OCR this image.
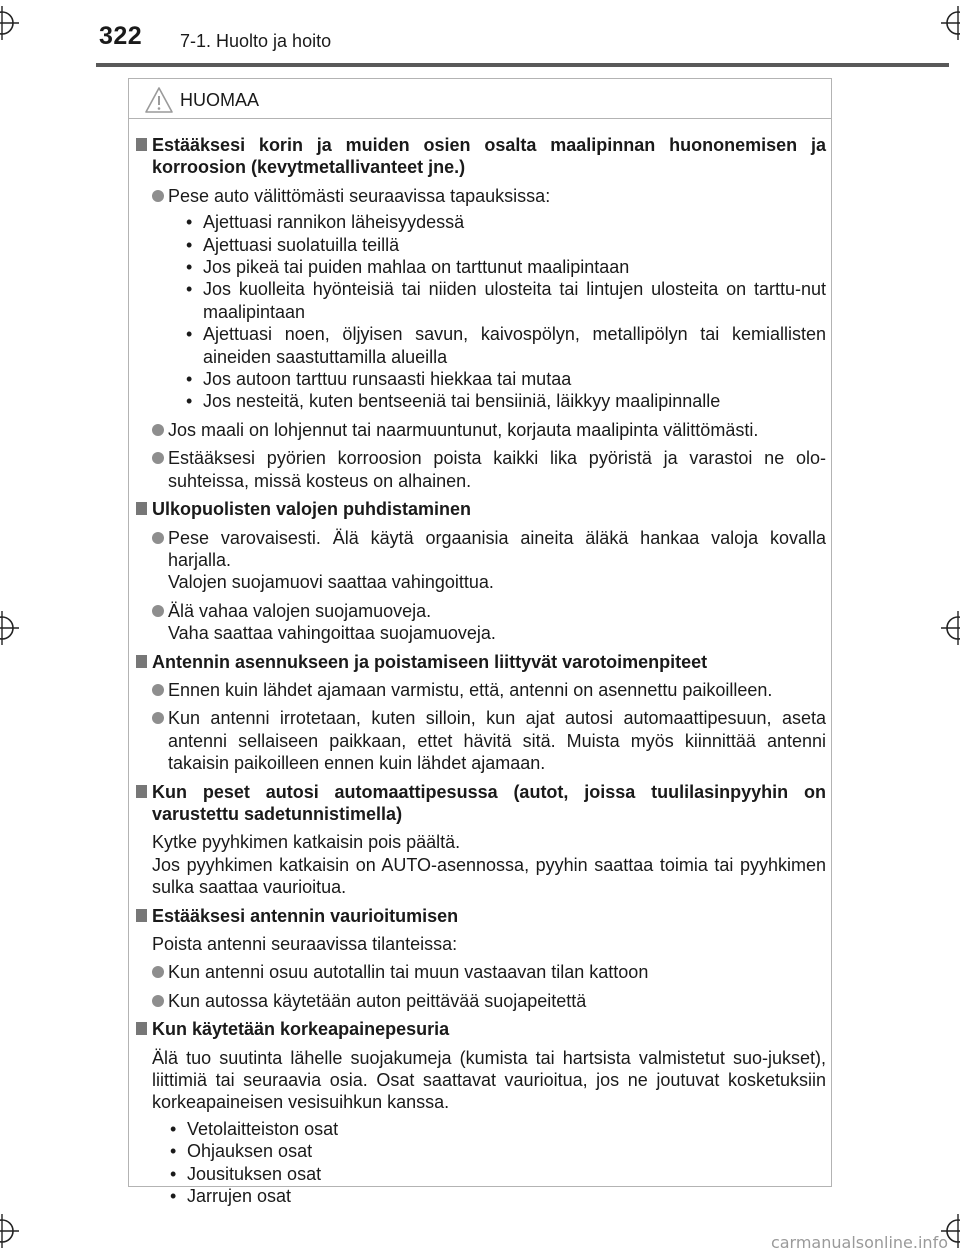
322 7-1. Huolto ja hoito
HUOMAA
Estääksesi korin ja muiden osien osalta maalipinnan huononemisen ja korroosion (kevytmetallivanteet jne.)
Pese auto välittömästi seuraavissa tapauksissa:
• Ajettuasi rannikon läheisyydessä
• Ajettuasi suolatuilla teillä
• Jos pikeä tai puiden mahlaa on tarttunut maalipintaan
• Jos kuolleita hyönteisiä tai niiden ulosteita tai lintujen ulosteita on tarttu-nut maalipintaan
• Ajettuasi noen, öljyisen savun, kaivospölyn, metallipölyn tai kemiallisten aineiden saastuttamilla alueilla
• Jos autoon tarttuu runsaasti hiekkaa tai mutaa
• Jos nesteitä, kuten bentseeniä tai bensiiniä, läikkyy maalipinnalle
Jos maali on lohjennut tai naarmuuntunut, korjauta maalipinta välittömästi.
Estääksesi pyörien korroosion poista kaikki lika pyöristä ja varastoi ne olo-suhteissa, missä kosteus on alhainen.
Ulkopuolisten valojen puhdistaminen
Pese varovaisesti. Älä käytä orgaanisia aineita äläkä hankaa valoja kovalla harjalla.
Valojen suojamuovi saattaa vahingoittua.
Älä vahaa valojen suojamuoveja.
Vaha saattaa vahingoittaa suojamuoveja.
Antennin asennukseen ja poistamiseen liittyvät varotoimenpiteet
Ennen kuin lähdet ajamaan varmistu, että, antenni on asennettu paikoilleen.
Kun antenni irrotetaan, kuten silloin, kun ajat autosi automaattipesuun, aseta antenni sellaiseen paikkaan, ettet hävitä sitä. Muista myös kiinnittää antenni takaisin paikoilleen ennen kuin lähdet ajamaan.
Kun peset autosi automaattipesussa (autot, joissa tuulilasinpyyhin on varustettu sadetunnistimella)
Kytke pyyhkimen katkaisin pois päältä.
Jos pyyhkimen katkaisin on AUTO-asennossa, pyyhin saattaa toimia tai pyyhkimen sulka saattaa vaurioitua.
Estääksesi antennin vaurioitumisen
Poista antenni seuraavissa tilanteissa:
Kun antenni osuu autotallin tai muun vastaavan tilan kattoon
Kun autossa käytetään auton peittävää suojapeitettä
Kun käytetään korkeapainepesuria
Älä tuo suutinta lähelle suojakumeja (kumista tai hartsista valmistetut suo-jukset), liittimiä tai seuraavia osia. Osat saattavat vaurioitua, jos ne joutuvat kosketuksiin korkeapaineisen vesisuihkun kanssa.
• Vetolaitteiston osat
• Ohjauksen osat
• Jousituksen osat
• Jarrujen osat
carmanualsonline.info
